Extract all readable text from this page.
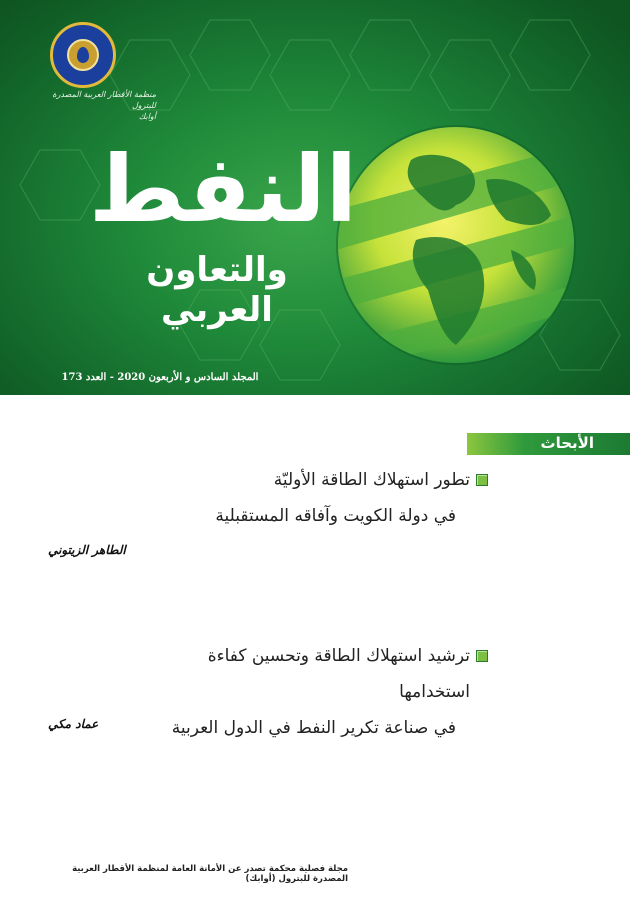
منظمة الأقطار العربية المصدرة للبترول
أوابك
النفط
والتعاون العربي
المجلد السادس و الأربعون 2020 - العدد 173
الأبحاث

تطور استهلاك الطاقة الأوليّة

في دولة الكويت وآفاقه المستقبلية

الطاهر الزيتوني

ترشيد استهلاك الطاقة وتحسين كفاءة استخدامها

في صناعة تكرير النفط في الدول العربية

عماد مكي
مجلة فصلية محكمة تصدر عن الأمانة العامة لمنظمة الأقطار العربية المصدرة للبترول (أوابك)
